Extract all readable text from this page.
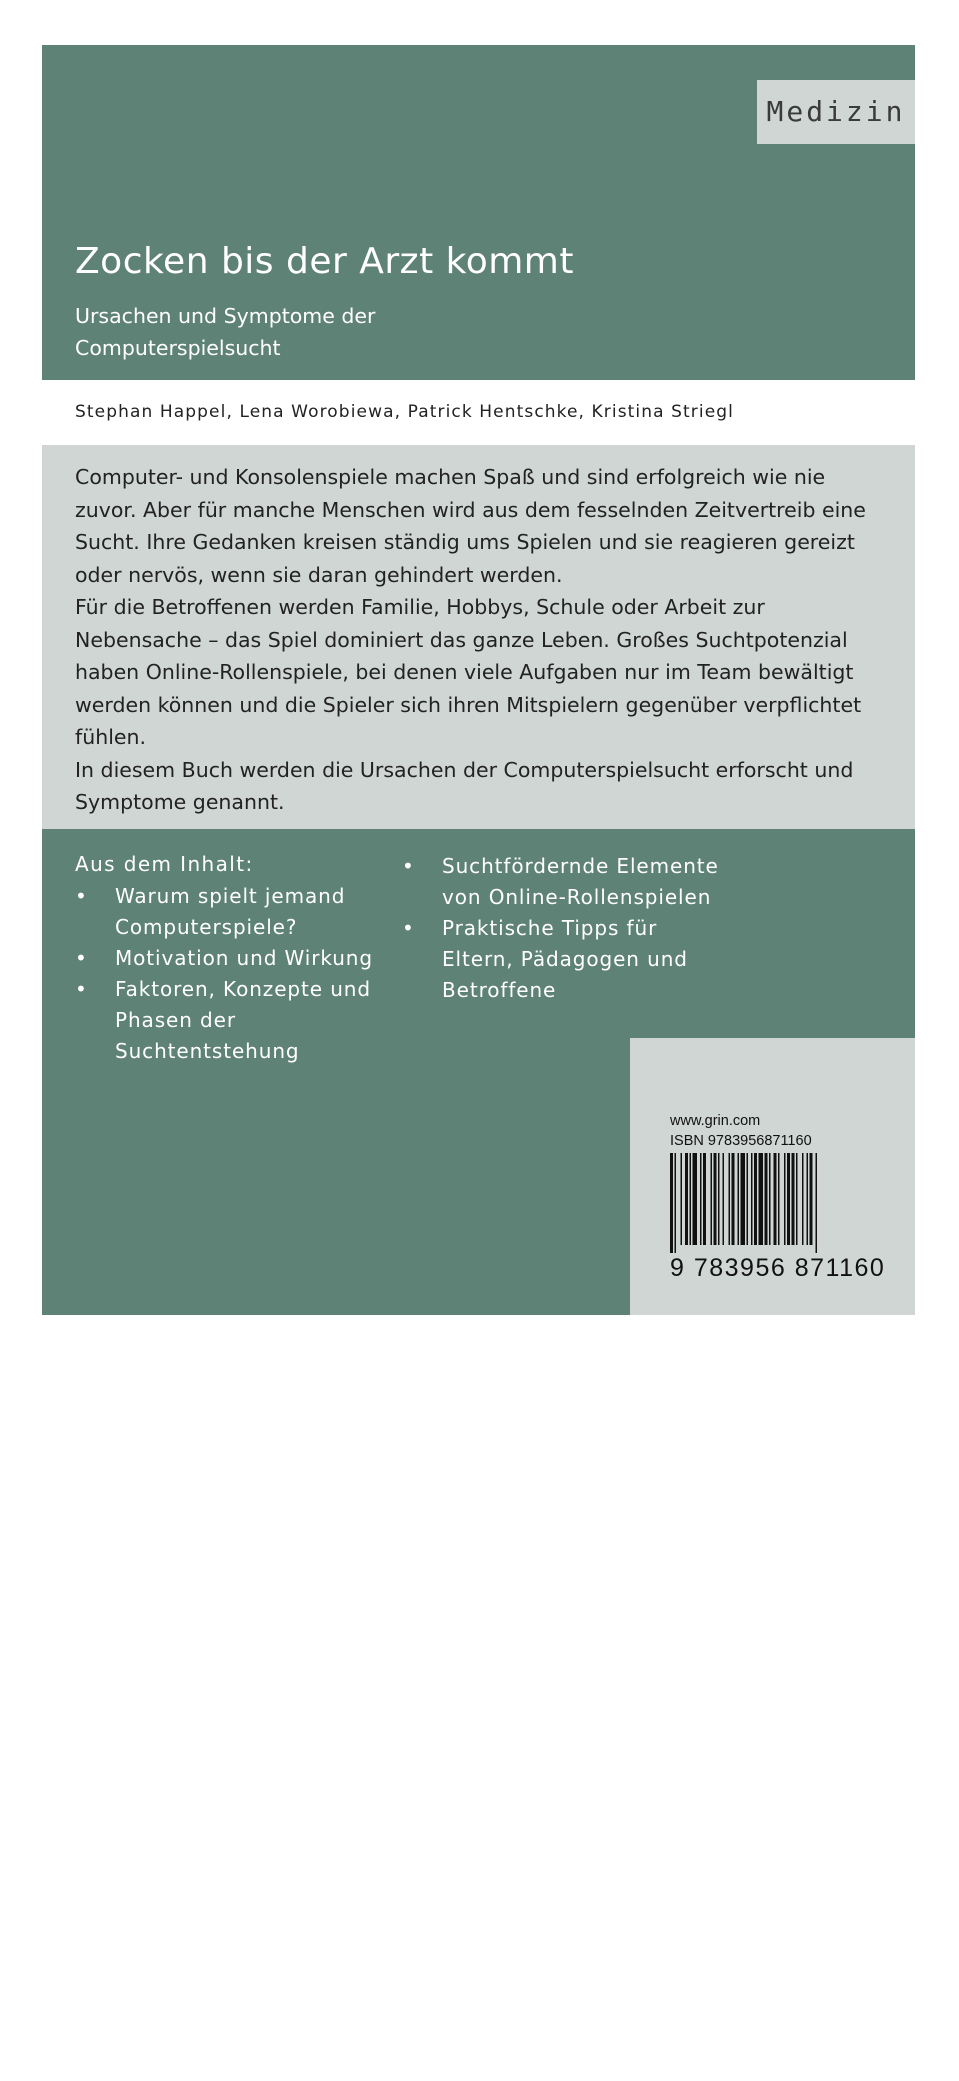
Medizin
Zocken bis der Arzt kommt
Ursachen und Symptome der Computerspielsucht
Stephan Happel, Lena Worobiewa, Patrick Hentschke, Kristina Striegl

Computer- und Konsolenspiele machen Spaß und sind erfolgreich wie nie zuvor. Aber für manche Menschen wird aus dem fesselnden Zeitvertreib eine Sucht. Ihre Gedanken kreisen ständig ums Spielen und sie reagieren gereizt oder nervös, wenn sie daran gehindert werden.

Für die Betroffenen werden Familie, Hobbys, Schule oder Arbeit zur Nebensache – das Spiel dominiert das ganze Leben. Großes Suchtpotenzial haben Online-Rollenspiele, bei denen viele Aufgaben nur im Team bewältigt werden können und die Spieler sich ihren Mitspielern gegenüber verpflichtet fühlen.

In diesem Buch werden die Ursachen der Computerspielsucht erforscht und Symptome genannt.

Aus dem Inhalt:
•	Warum spielt jemand Computerspiele?
•	Motivation und Wirkung
•	Faktoren, Konzepte und Phasen der Suchtentstehung
•	Suchtfördernde Elemente von Online-Rollenspielen
•	Praktische Tipps für Eltern, Pädagogen und Betroffene
Coverbild: pixabay.com
www.grin.com
ISBN 9783956871160
9 783956 871160
